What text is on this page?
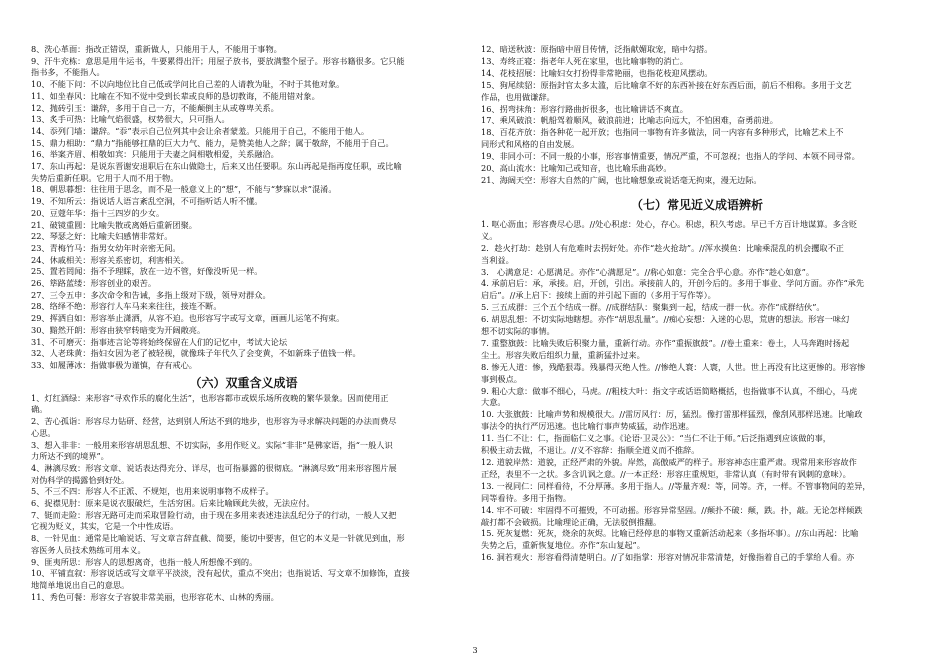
8、洗心革面：指改正错误，重新做人，只能用于人，不能用于事物。
9、汗牛充栋：意思是用牛运书，牛要累得出汗；用屋子放书，要放满整个屋子。形容书籍很多。它只能
指书多，不能指人。
10、不能下问：不以向地位比自己低或学问比自己差的人请教为耻，不时于其他对象。
11、如坐春风：比喻在不知不觉中受到长辈或良师的恳切教诲，不能用错对象。
12、抛砖引玉：谦辞，多用于自己一方，不能颠倒主从或尊卑关系。
13、炙手可热：比喻气焰很盛，权势很大，只可指人。
14、忝列门墙：谦辞。“忝”表示自己位列其中会让余者蒙羞。只能用于自己，不能用于他人。
15、鼎力相助：“鼎力”指能够扛鼎的巨大力气、能力，是赞美他人之辞；属于敬辞，不能用于自己。
16、举案齐眉、相敬如宾：只能用于夫妻之间相敬相爱，关系融洽。
17、东山再起：是说东晋谢安退职后在东山做隐士，后来又出任要职。东山再起是指再度任职，或比喻
失势后重新任职。它用于人而不用于物。
18、朝思暮想：往往用于思念，而不是一般意义上的“想”，不能与“梦寐以求”混淆。
19、不知所云：指说话人语言紊乱空洞，不可指听话人听不懂。
20、豆蔻年华：指十三四岁的少女。
21、破镜重圆：比喻失散或离婚后重新团聚。
22、琴瑟之好：比喻夫妇感情非常好。
23、青梅竹马：指男女幼年时亲密无间。
24、休戚相关：形容关系密切，利害相关。
25、置若罔闻：指不予理睬，放在一边不管，好像没听见一样。
26、筚路蓝缕：形容创业的艰苦。
27、三令五申：多次命令和告诫，多指上级对下级，领导对群众。
28、络绎不绝：形容行人车马来来往往，接连不断。
29、挥洒自如：形容举止潇洒，从容不迫。也形容写字或写文章，画画儿运笔不拘束。
30、黯然开朗：形容由狭窄转暗变为开阔敞亮。
31、不可磨灭：指事迹言论等将始终保留在人们的记忆中，考试大论坛
32、人老珠黄：指妇女因为老了被轻视，就像珠子年代久了会变黄，不如新珠子值钱一样。
33、如履薄冰：指做事极为谨慎，存有戒心。
（六）双重含义成语
1、灯红酒绿：来形容“寻欢作乐的腐化生活”，也形容都市或娱乐场所夜晚的繁华景象。因而使用正
确。
2、苦心孤诣：形容尽力钻研、经营，达到别人所达不到的地步，也形容为寻求解决问题的办法而费尽
心思。
3、想入非非：一般用来形容胡思乱想、不切实际，多用作贬义。实际“非非”是佛家语，指“一般人识
力所达不到的境界”。
4、淋漓尽致：形容文章、说话表达得充分、详尽，也可指暴露的很彻底。“淋漓尽致”用来形容图片展
对伪科学的揭露恰到好处。
5、不三不四：形容人不正派、不规矩，也用来说明事物不成样子。
6、捉襟见肘：原来是说衣服破烂，生活穷困。后来比喻顾此失彼，无法应付。
7、铤而走险：形容无路可走而采取冒险行动，由于现在多用来表述违法乱纪分子的行动，一般人又把
它视为贬义，其实，它是一个中性成语。
8、一针见血：通常是比喻说话、写文章言辞直截、简要，能切中要害，但它的本义是一针就见到血，形
容医务人员技术熟练可用本义。
9、匪夷所思：形容人的思想离奇，也指一般人所想像不到的。
10、平铺直叙：形容说话或写文章平平淡淡，没有起伏，重点不突出；也指说话、写文章不加修饰，直接
地简单地说出自己的意思。
11、秀色可餐：形容女子容貌非常美丽，也形容花木、山林的秀丽。
12、暗送秋波：原指暗中眉目传情，泛指献媚取宠，暗中勾搭。
13、寿终正寝：指老年人死在家里，也比喻事物的消亡。
14、花枝招展：比喻妇女打扮得非常艳丽，也指花枝迎风摆动。
15、狗尾续貂：原指封官太多太滥，后比喻拿不好的东西补接在好东西后面，前后不相称。多用于文艺
作品，也用做谦辞。
16、拐弯抹角：形容行路曲折很多，也比喻讲话不爽直。
17、乘风破浪：帆船驾着顺风，破浪前进；比喻志向远大，不怕困难，奋勇前进。
18、百花齐放：指各种花一起开放；也指同一事物有许多做法，同一内容有多种形式，比喻艺术上不
同形式和风格的自由发展。
19、非同小可：不同一般的小事，形容事情重要，情况严重，不可忽视；也指人的学问、本领不同寻常。
20、高山流水：比喻知己或知音，也比喻乐曲高妙。
21、海阔天空：形容大自然的广阔，也比喻想象或说话毫无拘束，漫无边际。
（七）常见近义成语辨析
1. 呕心沥血；形容费尽心思。//处心积虑：处心，存心。积虑，积久考虑。早已千方百计地谋算。多含贬
义。
2．趁火打劫：趁别人有危难时去拐好处。亦作“趁火抢劫”。//浑水摸鱼：比喻乘混乱的机会攫取不正
当利益。
3． 心满意足：心愿满足。亦作“心满愿足”。//称心如意：完全合乎心意。亦作“趁心如意”。
4. 承前启后：承，承接。启，开创，引出。承接前人的，开创今后的。多用于事业、学问方面。亦作“承先
启后”。//承上启下：接续上面的并引起下面的（多用于写作等）。
5. 三五成群：三个五个结成一群。//成群结队：聚集到一起，结成一群一伙。亦作“成群结伙”。
6. 胡思乱想：不切实际地瞎想。亦作“胡思乱量”。//痴心妄想：入迷的心思，荒唐的想法。形容一味幻
想不切实际的事情。
7. 重整旗鼓：比喻失败后积聚力量，重新行动。亦作“重振旗鼓”。//卷土重来：卷土，人马奔跑时扬起
尘土。形容失败后组织力量，重新猛扑过来。
8. 惨无人道：惨，残酷狠毒。残暴得灭绝人性。//惨绝人寰：人寰，人世。世上再没有比这更惨的。形容惨
事到极点。
9. 粗心大意：做事不细心，马虎。//粗枝大叶：指文字或话语简略概括，也指做事不认真，不细心，马虎
大意。
10. 大张旗鼓：比喻声势和规模很大。//雷厉风行：厉，猛烈。像打雷那样猛烈，像刮风那样迅速。比喻政
事法令的执行严厉迅速。也比喻行事声势威猛，动作迅速。
11. 当仁不让：仁，指面临仁义之事。《论语·卫灵公》：“当仁不让于师。”后泛指遇到应该做的事，
积极主动去做，不退让。//义不容辞：指顺全道义而不推辞。
12. 道貌岸然：道貌，正经严肃的外貌。岸然，高傲威严的样子。形容神态庄重严肃。现常用来形容故作
正经，表里不一之状。多含讥讽之意。//一本正经：形容庄重规矩，非常认真（有时带有讽刺的意味）。
13. 一视同仁：同样看待，不分厚薄。多用于指人。//等量齐观：等，同等。齐，一样。不管事物间的差异，
同等看待。多用于指物。
14. 牢不可破：牢固得不可摧毁，不可动摇。形容异常坚固。//颠扑不破：颠，跌。扑，敲。无论怎样倾跌
敲打都不会破损。比喻理论正确，无法驳倒推翻。
15. 死灰复燃：死灰，烧余的灰烬。比喻已经停息的事物又重新活动起来（多指坏事）。//东山再起：比喻
失势之后，重新恢复地位。亦作“东山复起”。
16. 洞若观火：形容看得清楚明白。//了如指掌：形容对情况非常清楚，好像指着自己的手掌给人看。亦
3
